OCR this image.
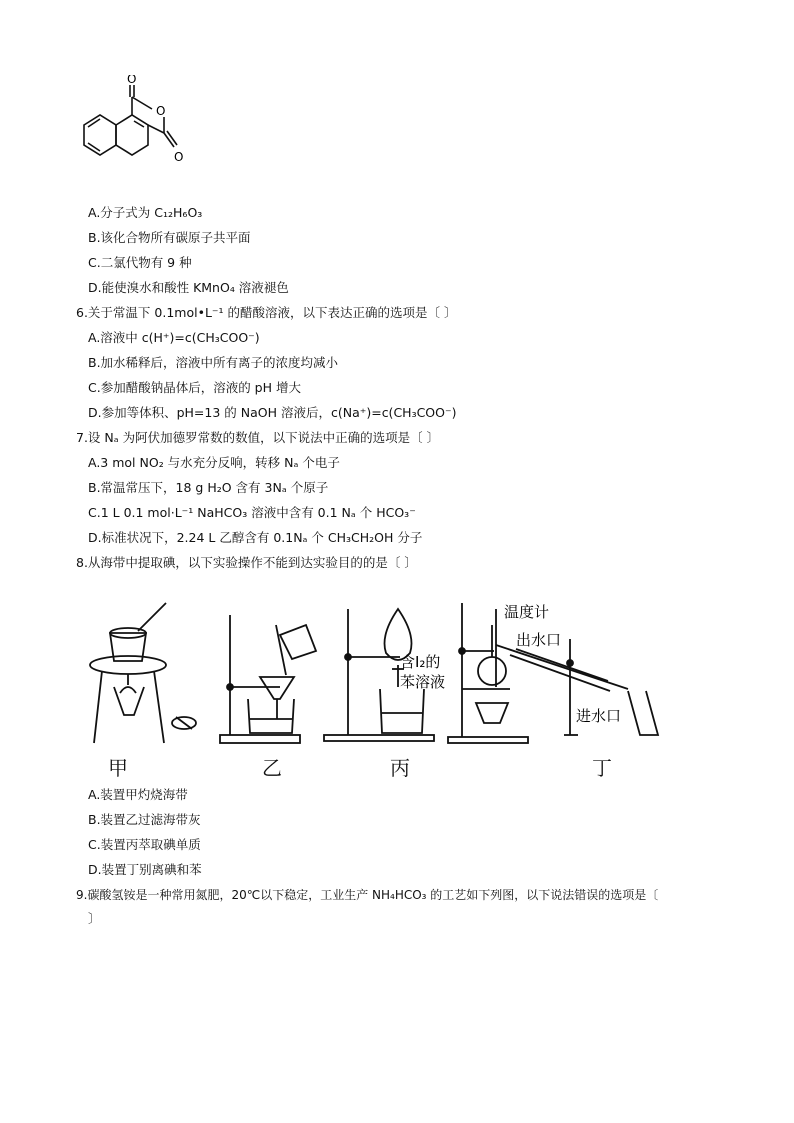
O
O
O
A.分子式为 C₁₂H₆O₃
B.该化合物所有碳原子共平面
C.二氯代物有 9 种
D.能使溴水和酸性 KMnO₄ 溶液褪色
6.关于常温下 0.1mol•L⁻¹ 的醋酸溶液，以下表达正确的选项是〔 〕
A.溶液中 c(H⁺)=c(CH₃COO⁻)
B.加水稀释后，溶液中所有离子的浓度均减小
C.参加醋酸钠晶体后，溶液的 pH 增大
D.参加等体积、pH=13 的 NaOH 溶液后，c(Na⁺)=c(CH₃COO⁻)
7.设 Nₐ 为阿伏加德罗常数的数值，以下说法中正确的选项是〔 〕
A.3 mol NO₂ 与水充分反响，转移 Nₐ 个电子
B.常温常压下，18 g H₂O 含有 3Nₐ 个原子
C.1 L 0.1 mol·L⁻¹ NaHCO₃ 溶液中含有 0.1 Nₐ 个 HCO₃⁻
D.标准状况下，2.24 L 乙醇含有 0.1Nₐ 个 CH₃CH₂OH 分子
8.从海带中提取碘，以下实验操作不能到达实验目的的是〔 〕
含I₂的
苯溶液
温度计
出水口
进水口
甲	乙	丙	丁
A.装置甲灼烧海带
B.装置乙过滤海带灰
C.装置丙萃取碘单质
D.装置丁别离碘和苯
9.碳酸氢铵是一种常用氮肥，20℃以下稳定，工业生产 NH₄HCO₃ 的工艺如下列图，以下说法错误的选项是〔
〕
